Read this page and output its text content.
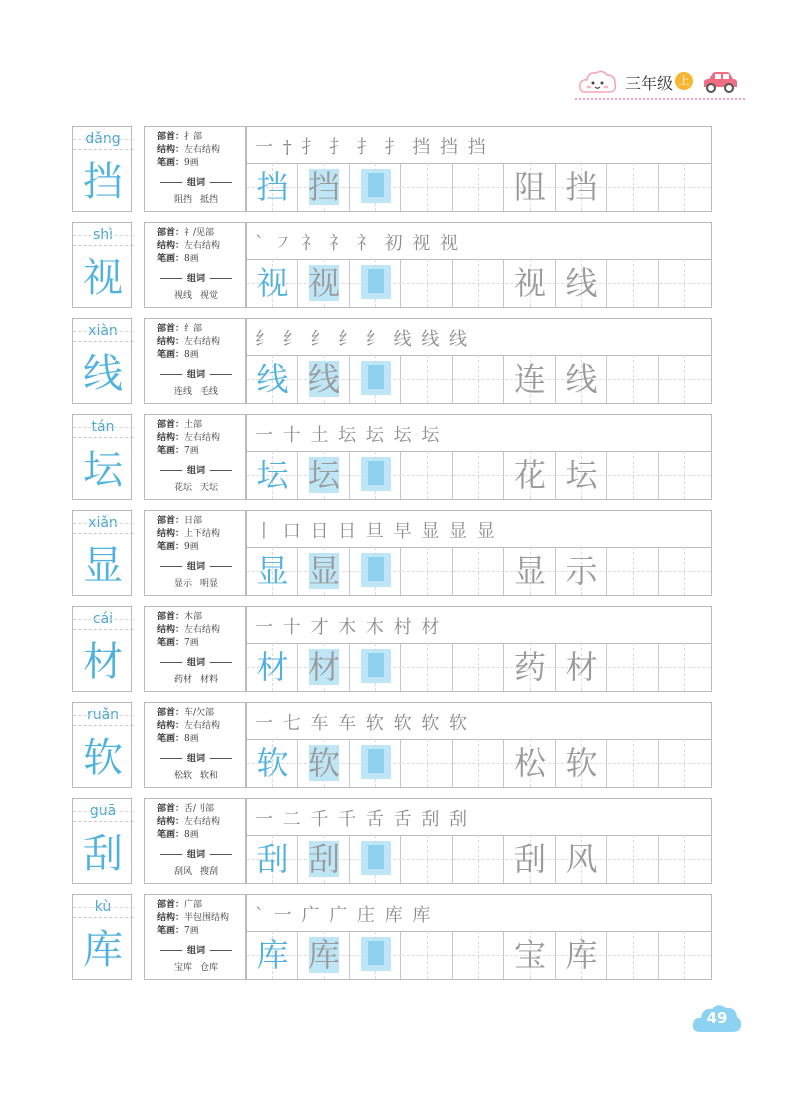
三年级 上
dǎng
挡
部首：扌部
结构：左右结构
笔画：9画
组词
阻挡 抵挡
一 † 扌 扌 扌 扌 挡 挡 挡
挡 挡	阻 挡
shì
视
部首：礻/见部
结构：左右结构
笔画：8画
组词
视线 视觉
` ㇇ 礻 礻 礻 初 视 视
视 视	视 线
xiàn
线
部首：纟部
结构：左右结构
笔画：8画
组词
连线 毛线
纟 纟 纟 纟 纟 线 线 线
线 线	连 线
tán
坛
部首：土部
结构：左右结构
笔画：7画
组词
花坛 天坛
一 十 土 坛 坛 坛 坛
坛 坛	花 坛
xiǎn
显
部首：日部
结构：上下结构
笔画：9画
组词
显示 明显
丨 口 日 日 旦 早 显 显 显
显 显	显 示
cái
材
部首：木部
结构：左右结构
笔画：7画
组词
药材 材料
一 十 才 木 木 村 材
材 材	药 材
ruǎn
软
部首：车/欠部
结构：左右结构
笔画：8画
组词
松软 软和
一 七 车 车 软 软 软 软
软 软	松 软
guā
刮
部首：舌/刂部
结构：左右结构
笔画：8画
组词
刮风 搜刮
一 二 千 千 舌 舌 刮 刮
刮 刮	刮 风
kù
库
部首：广部
结构：半包围结构
笔画：7画
组词
宝库 仓库
` 一 广 广 庄 库 库
库 库	宝 库
49
